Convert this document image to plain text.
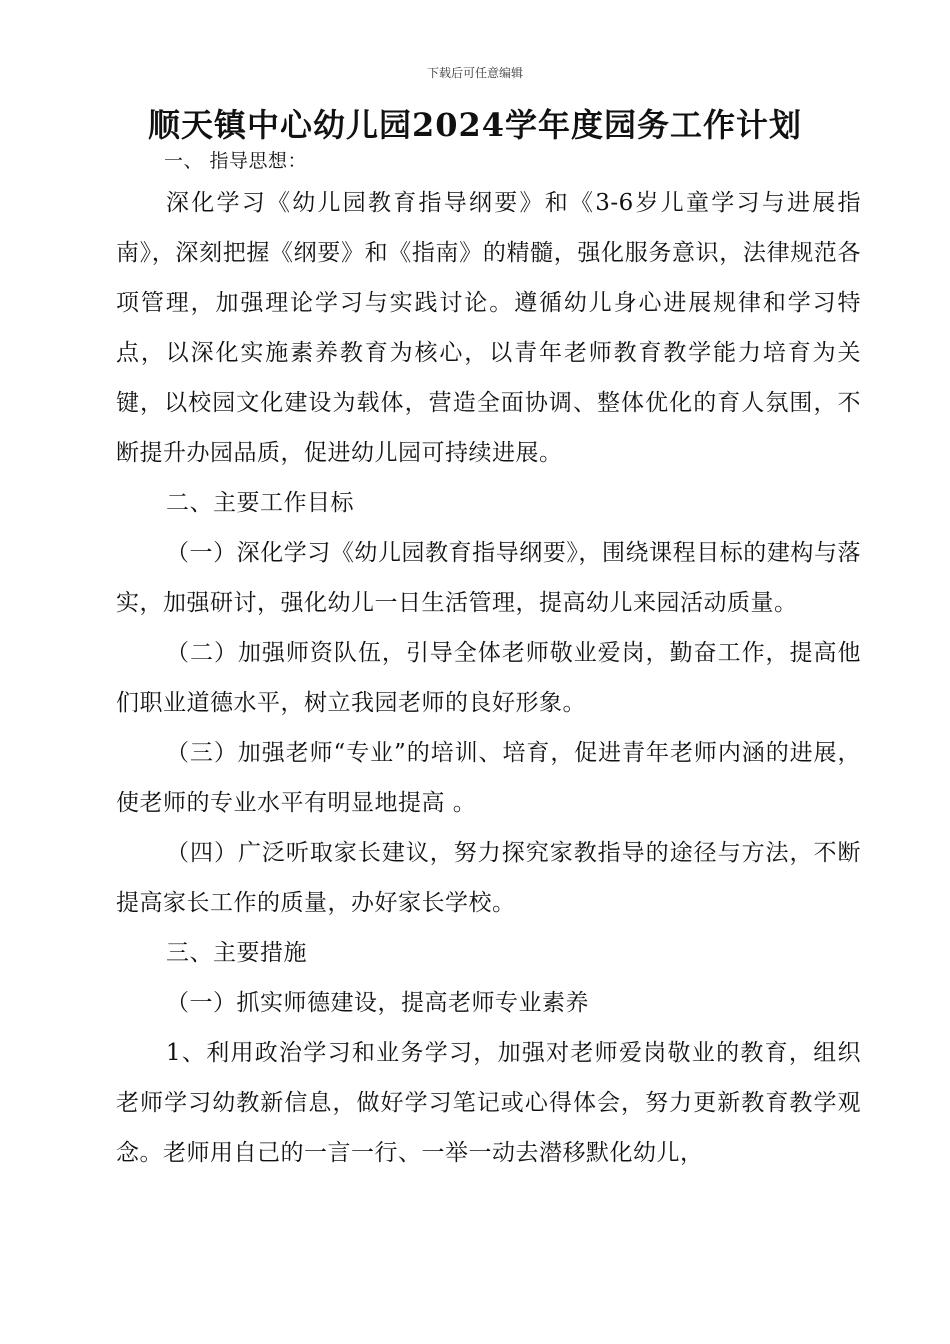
下载后可任意编辑
顺天镇中心幼儿园2024学年度园务工作计划

一、 指导思想：

深化学习《幼儿园教育指导纲要》和《3-6岁儿童学习与进展指南》，深刻把握《纲要》和《指南》的精髓，强化服务意识，法律规范各项管理，加强理论学习与实践讨论。遵循幼儿身心进展规律和学习特点，以深化实施素养教育为核心，以青年老师教育教学能力培育为关键，以校园文化建设为载体，营造全面协调、整体优化的育人氛围，不断提升办园品质，促进幼儿园可持续进展。

二、主要工作目标

（一）深化学习《幼儿园教育指导纲要》，围绕课程目标的建构与落实，加强研讨，强化幼儿一日生活管理，提高幼儿来园活动质量。

（二）加强师资队伍，引导全体老师敬业爱岗，勤奋工作，提高他们职业道德水平，树立我园老师的良好形象。

（三）加强老师“专业”的培训、培育，促进青年老师内涵的进展，使老师的专业水平有明显地提高 。

（四）广泛听取家长建议，努力探究家教指导的途径与方法，不断提高家长工作的质量，办好家长学校。

三、主要措施

（一）抓实师德建设，提高老师专业素养

1、利用政治学习和业务学习，加强对老师爱岗敬业的教育，组织老师学习幼教新信息，做好学习笔记或心得体会，努力更新教育教学观念。老师用自己的一言一行、一举一动去潜移默化幼儿，
